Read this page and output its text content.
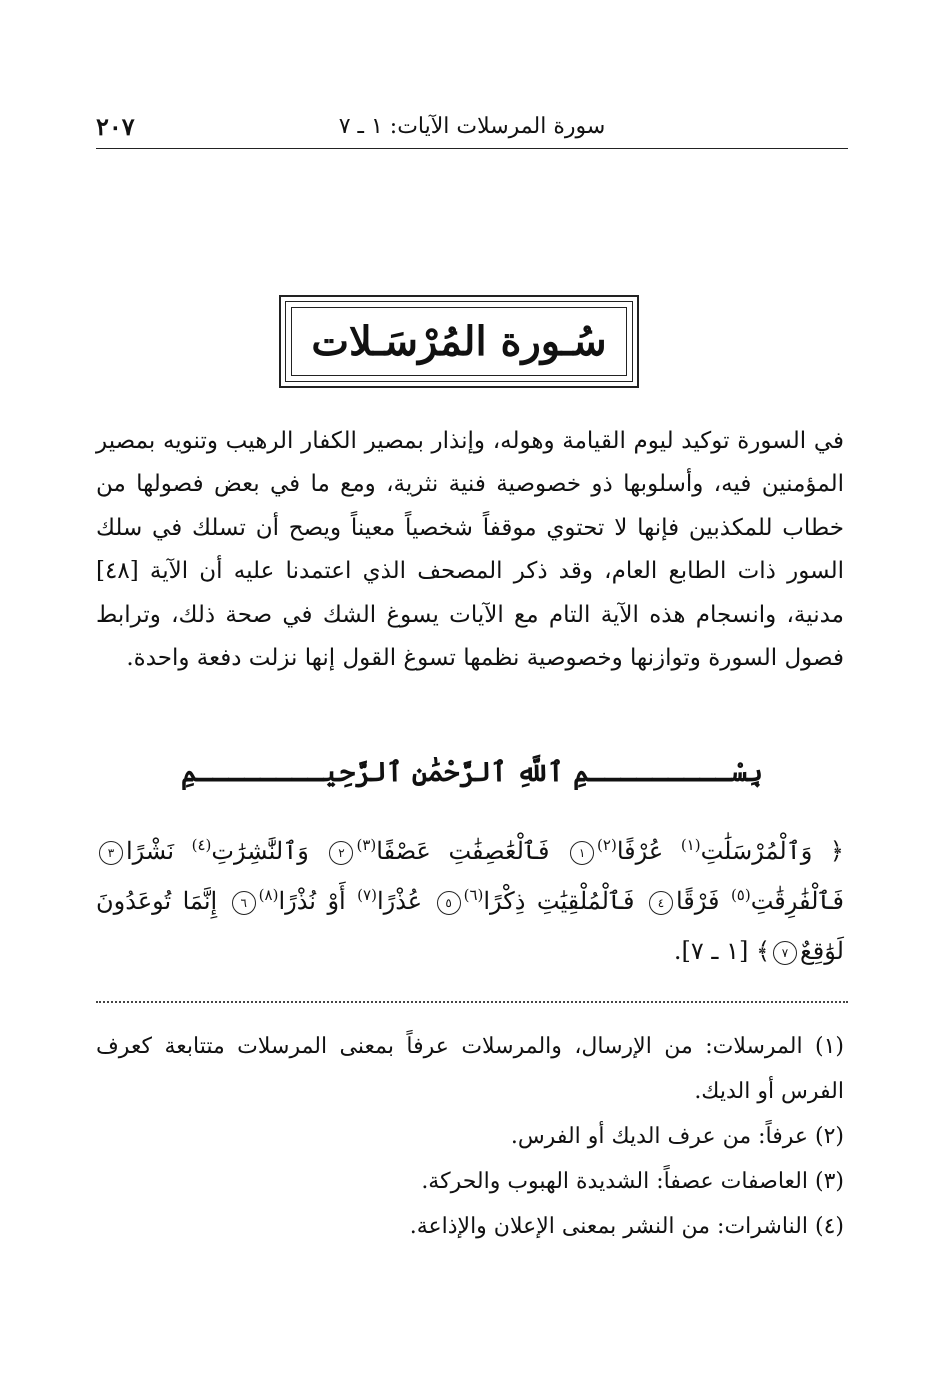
٢٠٧	سورة المرسلات الآيات: ١ ـ ٧
سُـورة المُرْسَـلات

في السورة توكيد ليوم القيامة وهوله، وإنذار بمصير الكفار الرهيب وتنويه بمصير المؤمنين فيه، وأسلوبها ذو خصوصية فنية نثرية، ومع ما في بعض فصولها من خطاب للمكذبين فإنها لا تحتوي موقفاً شخصياً معيناً ويصح أن تسلك في سلك السور ذات الطابع العام، وقد ذكر المصحف الذي اعتمدنا عليه أن الآية [٤٨] مدنية، وانسجام هذه الآية التام مع الآيات يسوغ الشك في صحة ذلك، وترابط فصول السورة وتوازنها وخصوصية نظمها تسوغ القول إنها نزلت دفعة واحدة.

بِسْـــــــــمِ ٱللَّهِ ٱلرَّحْمَٰنِ ٱلرَّحِيــــــــمِ
﴿ وَٱلْمُرْسَلَٰتِ$^{(١)}$ عُرْفًا$^{(٢)}$١ فَٱلْعَٰصِفَٰتِ عَصْفًا$^{(٣)}$٢ وَٱلنَّٰشِرَٰتِ$^{(٤)}$ نَشْرًا٣ فَٱلْفَٰرِقَٰتِ$^{(٥)}$ فَرْقًا٤ فَٱلْمُلْقِيَٰتِ ذِكْرًا$^{(٦)}$٥ عُذْرًا$^{(٧)}$ أَوْ نُذْرًا$^{(٨)}$٦ إِنَّمَا تُوعَدُونَ لَوَٰقِعٌ٧﴾ [١ ـ ٧].

(١) المرسلات: من الإرسال، والمرسلات عرفاً بمعنى المرسلات متتابعة كعرف الفرس أو الديك.

(٢) عرفاً: من عرف الديك أو الفرس.

(٣) العاصفات عصفاً: الشديدة الهبوب والحركة.

(٤) الناشرات: من النشر بمعنى الإعلان والإذاعة.
